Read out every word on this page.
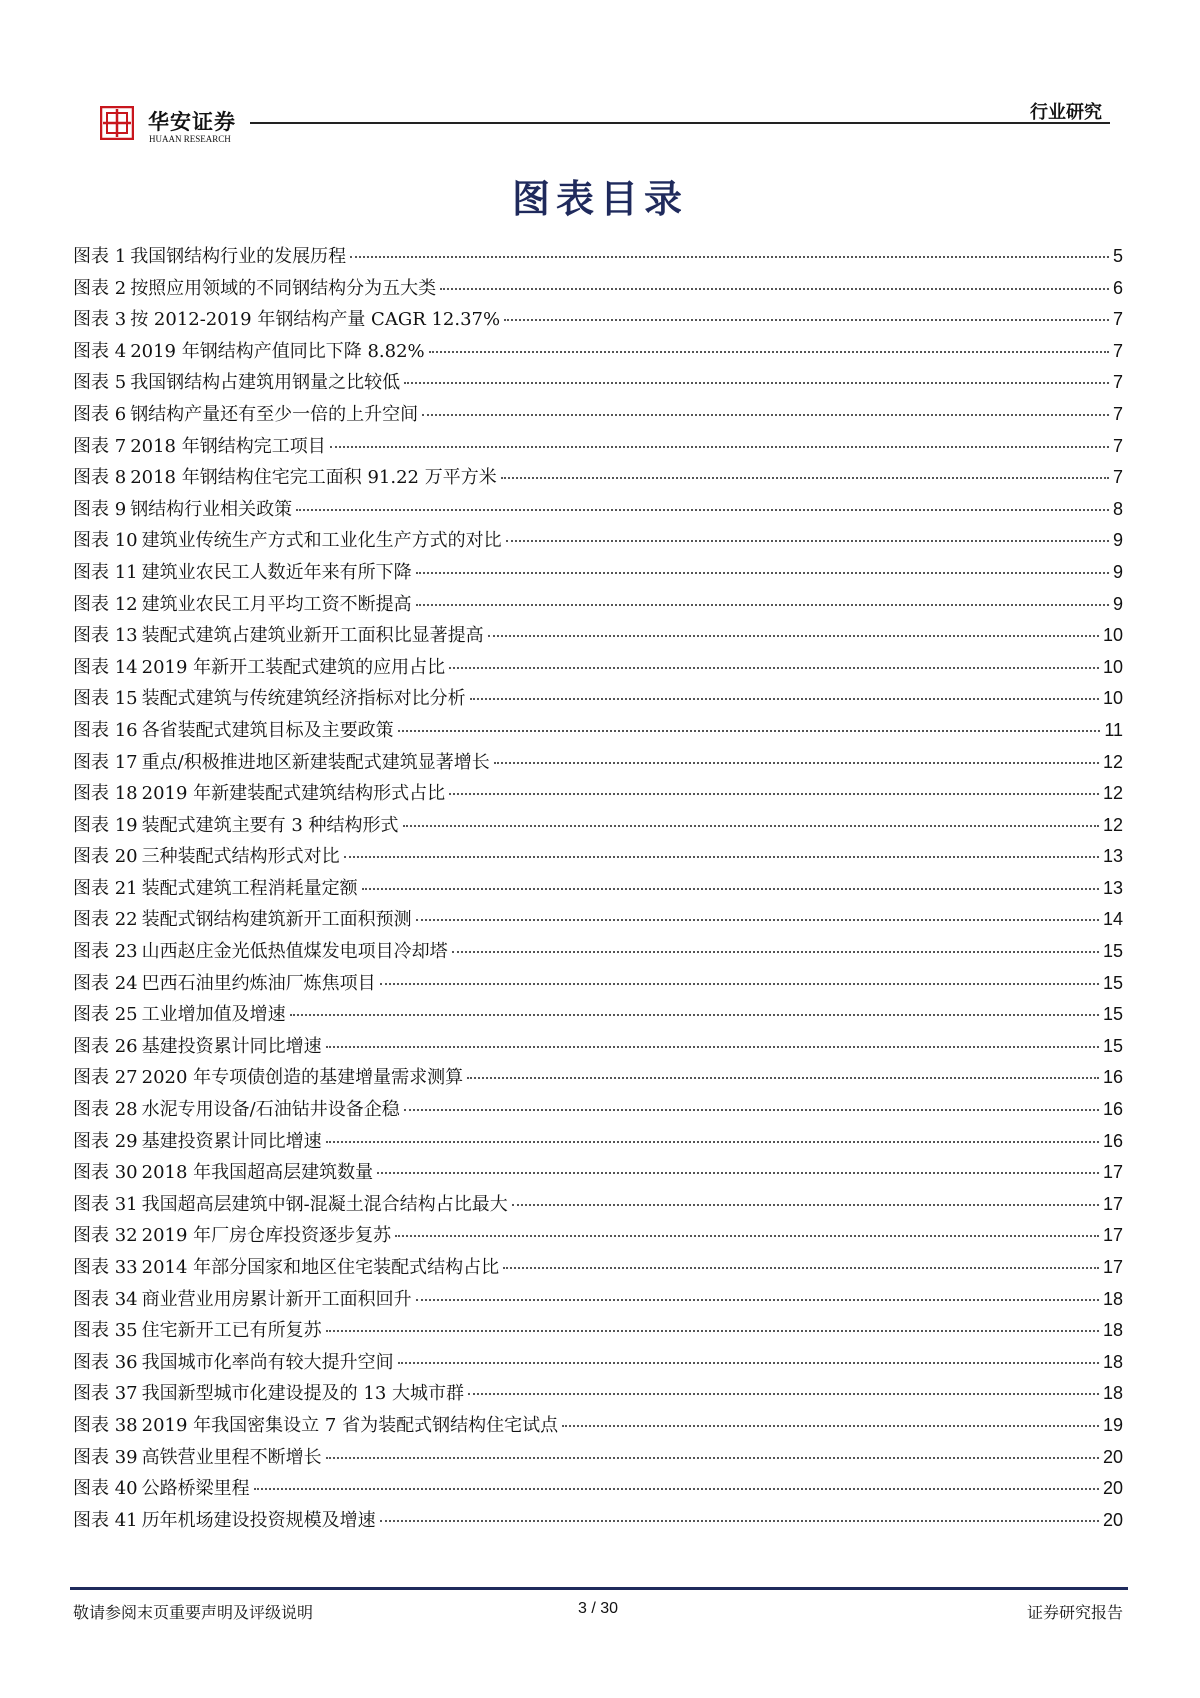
华安证券
HUAAN RESEARCH
行业研究
图表目录
图表 1 我国钢结构行业的发展历程	5
图表 2 按照应用领域的不同钢结构分为五大类	6
图表 3 按 2012-2019 年钢结构产量 CAGR 12.37%	7
图表 4 2019 年钢结构产值同比下降 8.82%	7
图表 5 我国钢结构占建筑用钢量之比较低	7
图表 6 钢结构产量还有至少一倍的上升空间	7
图表 7 2018 年钢结构完工项目	7
图表 8 2018 年钢结构住宅完工面积 91.22 万平方米	7
图表 9 钢结构行业相关政策	8
图表 10 建筑业传统生产方式和工业化生产方式的对比	9
图表 11 建筑业农民工人数近年来有所下降	9
图表 12 建筑业农民工月平均工资不断提高	9
图表 13 装配式建筑占建筑业新开工面积比显著提高	10
图表 14 2019 年新开工装配式建筑的应用占比	10
图表 15 装配式建筑与传统建筑经济指标对比分析	10
图表 16 各省装配式建筑目标及主要政策	11
图表 17 重点/积极推进地区新建装配式建筑显著增长	12
图表 18 2019 年新建装配式建筑结构形式占比	12
图表 19 装配式建筑主要有 3 种结构形式	12
图表 20 三种装配式结构形式对比	13
图表 21 装配式建筑工程消耗量定额	13
图表 22 装配式钢结构建筑新开工面积预测	14
图表 23 山西赵庄金光低热值煤发电项目冷却塔	15
图表 24 巴西石油里约炼油厂炼焦项目	15
图表 25 工业增加值及增速	15
图表 26 基建投资累计同比增速	15
图表 27 2020 年专项债创造的基建增量需求测算	16
图表 28 水泥专用设备/石油钻井设备企稳	16
图表 29 基建投资累计同比增速	16
图表 30 2018 年我国超高层建筑数量	17
图表 31 我国超高层建筑中钢-混凝土混合结构占比最大	17
图表 32 2019 年厂房仓库投资逐步复苏	17
图表 33 2014 年部分国家和地区住宅装配式结构占比	17
图表 34 商业营业用房累计新开工面积回升	18
图表 35 住宅新开工已有所复苏	18
图表 36 我国城市化率尚有较大提升空间	18
图表 37 我国新型城市化建设提及的 13 大城市群	18
图表 38 2019 年我国密集设立 7 省为装配式钢结构住宅试点	19
图表 39 高铁营业里程不断增长	20
图表 40 公路桥梁里程	20
图表 41 历年机场建设投资规模及增速	20
敬请参阅末页重要声明及评级说明	3 / 30	证券研究报告
